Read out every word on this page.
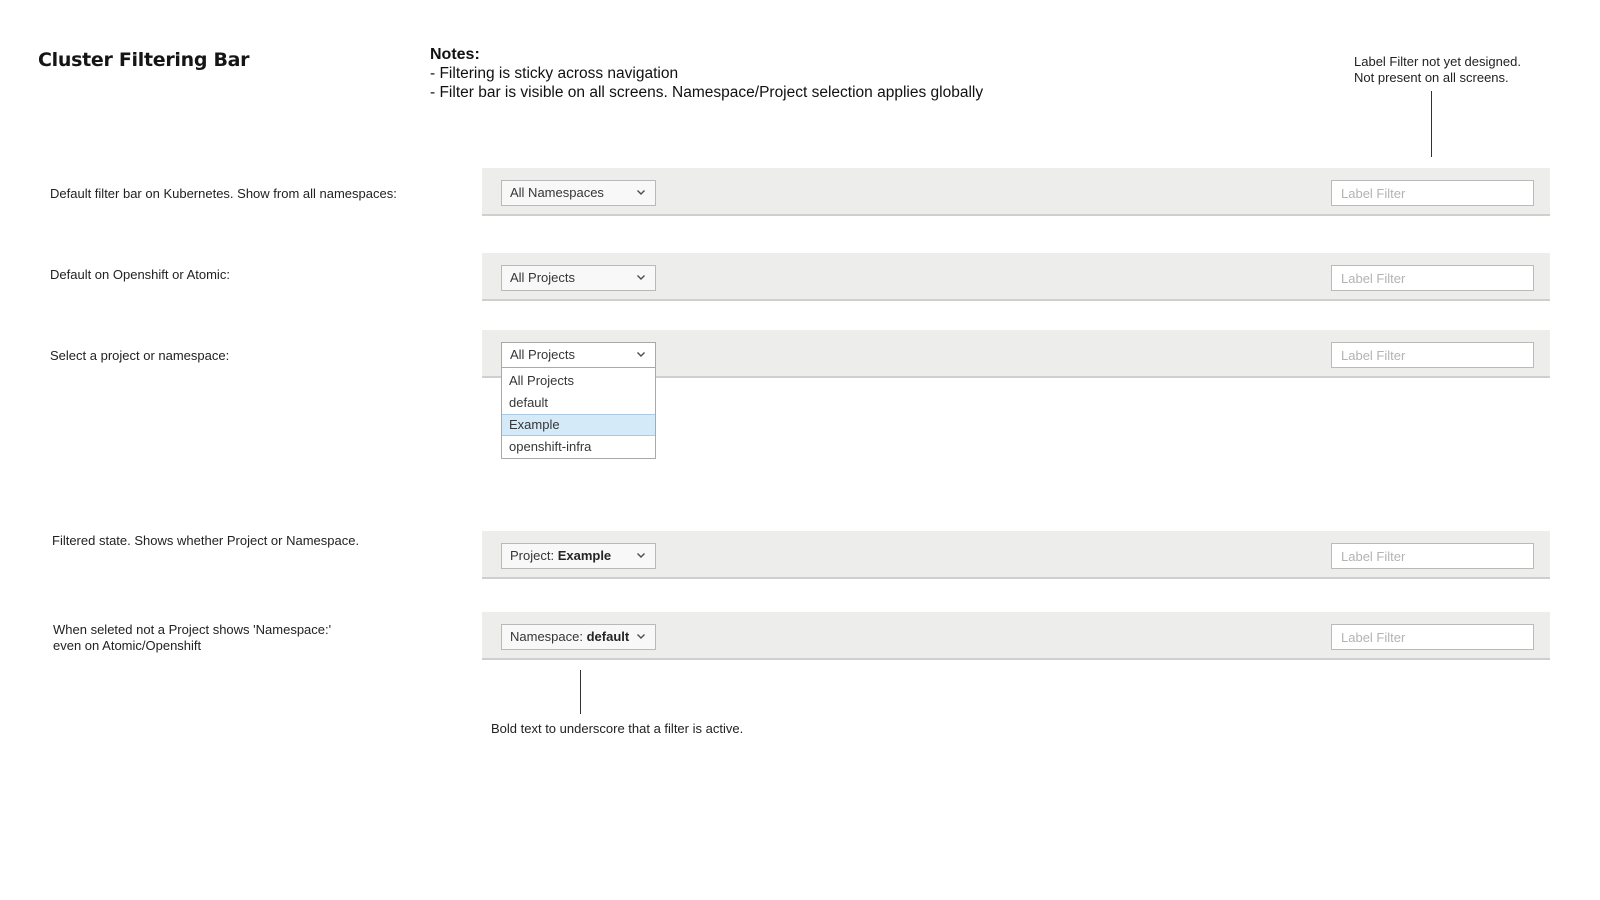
Cluster Filtering Bar	Notes:
- Filtering is sticky across navigation
- Filter bar is visible on all screens. Namespace/Project selection applies globally
Label Filter not yet designed.
Not present on all screens.
Default filter bar on Kubernetes. Show from all namespaces:	All Namespaces
Label Filter
Default on Openshift or Atomic:	All Projects
Label Filter
Select a project or namespace:	All Projects
Label Filter
All Projects
default
Example
openshift-infra
Filtered state. Shows whether Project or Namespace.
Project: Example
Label Filter
When seleted not a Project shows 'Namespace:'
even on Atomic/Openshift
Namespace: default
Label Filter
Bold text to underscore that a filter is active.
